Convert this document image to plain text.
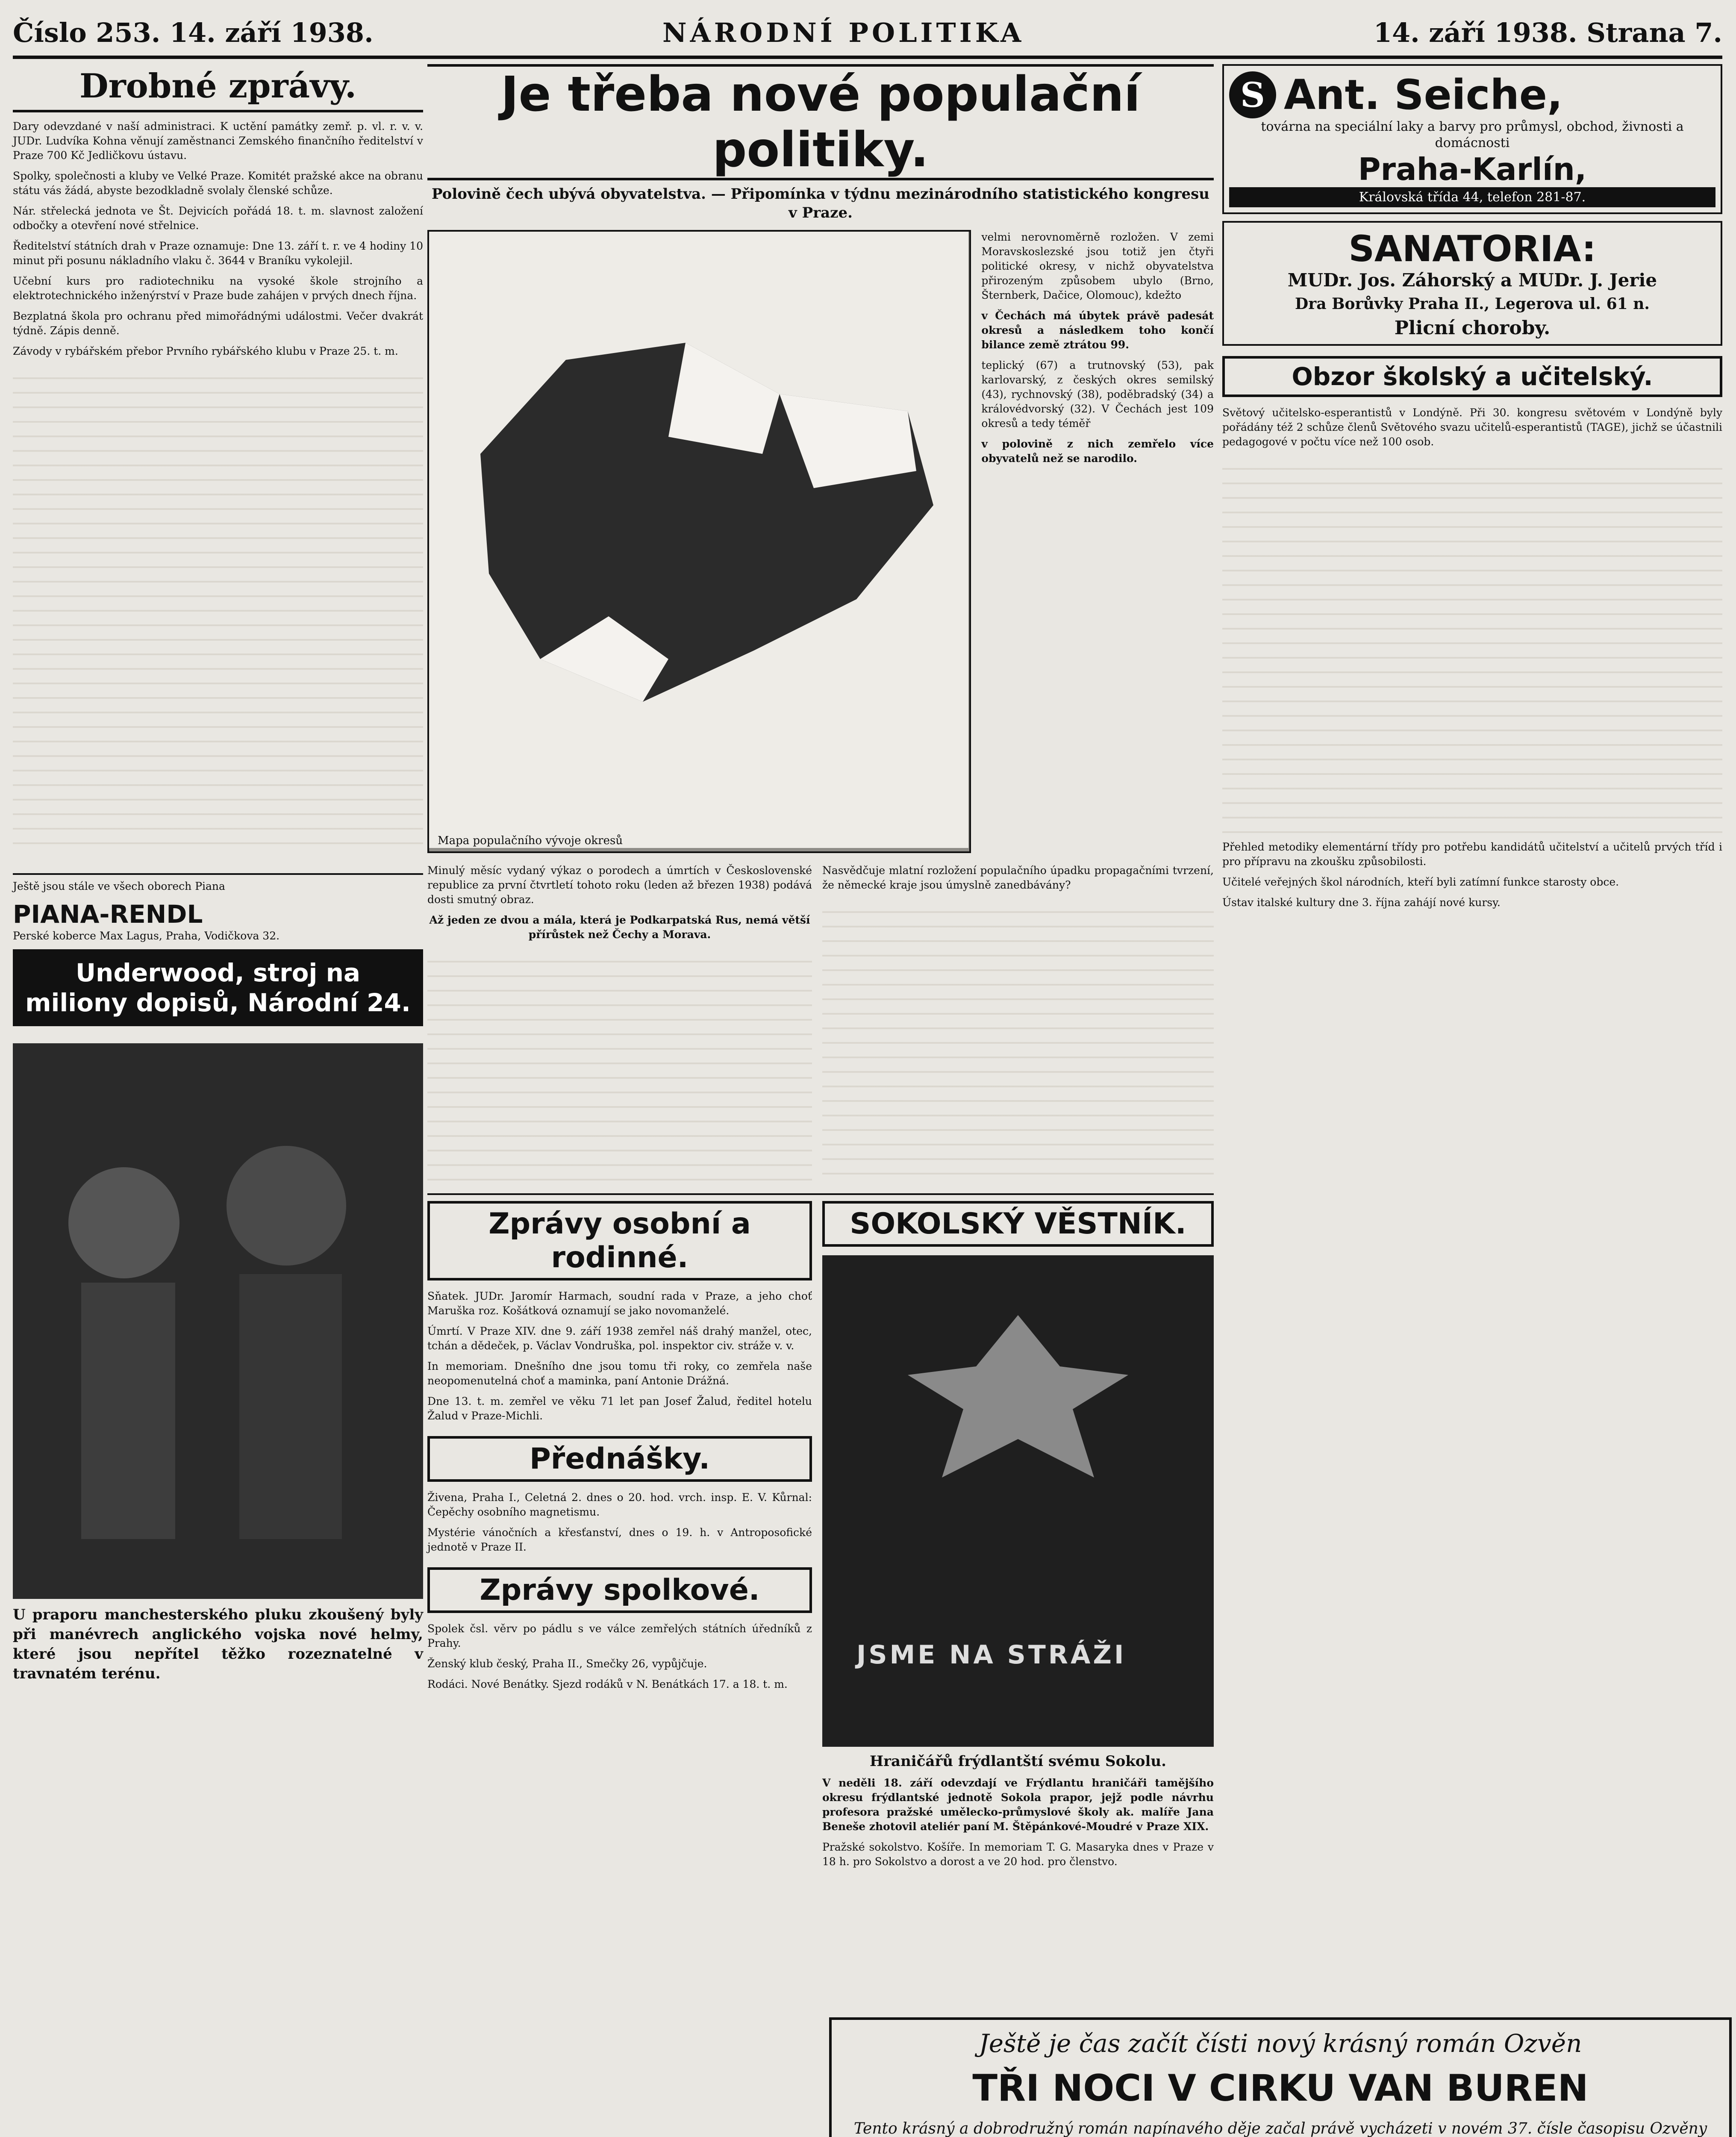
Číslo 253. 14. září 1938.	NÁRODNÍ POLITIKA	14. září 1938. Strana 7.
Drobné zprávy.

Dary odevzdané v naší administraci. K uctění památky zemř. p. vl. r. v. v. JUDr. Ludvíka Kohna věnují zaměstnanci Zemského finančního ředitelství v Praze 700 Kč Jedličkovu ústavu.

Spolky, společnosti a kluby ve Velké Praze. Komitét pražské akce na obranu státu vás žádá, abyste bezodkladně svolaly členské schůze.

Nár. střelecká jednota ve Št. Dejvicích pořádá 18. t. m. slavnost založení odbočky a otevření nové střelnice.

Ředitelství státních drah v Praze oznamuje: Dne 13. září t. r. ve 4 hodiny 10 minut při posunu nákladního vlaku č. 3644 v Braníku vykolejil.

Učební kurs pro radiotechniku na vysoké škole strojního a elektrotechnického inženýrství v Praze bude zahájen v prvých dnech října.

Bezplatná škola pro ochranu před mimořádnými událostmi. Večer dvakrát týdně. Zápis denně.

Závody v rybářském přebor Prvního rybářského klubu v Praze 25. t. m.

Ještě jsou stále ve všech oborech Piana
PIANA-RENDL
Perské koberce Max Lagus, Praha, Vodičkova 32.
Underwood, stroj na miliony dopisů, Národní 24.
U praporu manchesterského pluku zkoušený byly při manévrech anglického vojska nové helmy, které jsou nepřítel těžko rozeznatelné v travnatém terénu.
Je třeba nové populační politiky.
Polovině čech ubývá obyvatelstva. — Připomínka v týdnu mezinárodního statistického kongresu v Praze.
Mapa populačního vývoje okresů

velmi nerovnoměrně rozložen. V zemi Moravskoslezské jsou totiž jen čtyři politické okresy, v nichž obyvatelstva přirozeným způsobem ubylo (Brno, Šternberk, Dačice, Olomouc), kdežto

v Čechách má úbytek právě padesát okresů a následkem toho končí bilance země ztrátou 99.

teplický (67) a trutnovský (53), pak karlovarský, z českých okres semilský (43), rychnovský (38), poděbradský (34) a královédvorský (32). V Čechách jest 109 okresů a tedy téměř

v polovině z nich zemřelo více obyvatelů než se narodilo.

Minulý měsíc vydaný výkaz o porodech a úmrtích v Československé republice za první čtvrtletí tohoto roku (leden až březen 1938) podává dosti smutný obraz.

Až jeden ze dvou a mála, která je Podkarpatská Rus, nemá větší přírůstek než Čechy a Morava.

Nasvědčuje mlatní rozložení populačního úpadku propagačními tvrzení, že německé kraje jsou úmyslně zanedbávány?

Zprávy osobní a rodinné.

Sňatek. JUDr. Jaromír Harmach, soudní rada v Praze, a jeho choť Maruška roz. Košátková oznamují se jako novomanželé.

Úmrtí. V Praze XIV. dne 9. září 1938 zemřel náš drahý manžel, otec, tchán a dědeček, p. Václav Vondruška, pol. inspektor civ. stráže v. v.

In memoriam. Dnešního dne jsou tomu tři roky, co zemřela naše neopomenutelná choť a maminka, paní Antonie Drážná.

Dne 13. t. m. zemřel ve věku 71 let pan Josef Žalud, ředitel hotelu Žalud v Praze-Michli.

Přednášky.

Živena, Praha I., Celetná 2. dnes o 20. hod. vrch. insp. E. V. Kůrnal: Čepěchy osobního magnetismu.

Mystérie vánočních a křesťanství, dnes o 19. h. v Antroposofické jednotě v Praze II.

Zprávy spolkové.

Spolek čsl. věrv po pádlu s ve válce zemřelých státních úředníků z Prahy.

Ženský klub český, Praha II., Smečky 26, vypůjčuje.

Rodáci. Nové Benátky. Sjezd rodáků v N. Benátkách 17. a 18. t. m.

SOKOLSKÝ VĚSTNÍK.
JSME NA STRÁŽI
Hraničářů frýdlantští svému Sokolu.

V neděli 18. září odevzdají ve Frýdlantu hraničáři tamějšího okresu frýdlantské jednotě Sokola prapor, jejž podle návrhu profesora pražské umělecko-průmyslové školy ak. malíře Jana Beneše zhotovil ateliér paní M. Štěpánkové-Moudré v Praze XIX.

Pražské sokolstvo. Košíře. In memoriam T. G. Masaryka dnes v Praze v 18 h. pro Sokolstvo a dorost a ve 20 hod. pro členstvo.

S Ant. Seiche,
továrna na speciální laky a barvy pro průmysl, obchod, živnosti a domácnosti
Praha-Karlín,
Královská třída 44, telefon 281-87.
SANATORIA:
MUDr. Jos. Záhorský a MUDr. J. Jerie
Dra Borůvky Praha II., Legerova ul. 61 n.
Plicní choroby.
Obzor školský a učitelský.

Světový učitelsko-esperantistů v Londýně. Při 30. kongresu světovém v Londýně byly pořádány též 2 schůze členů Světového svazu učitelů-esperantistů (TAGE), jichž se účastnili pedagogové v počtu více než 100 osob.

Přehled metodiky elementární třídy pro potřebu kandidátů učitelství a učitelů prvých tříd i pro přípravu na zkoušku způsobilosti.

Učitelé veřejných škol národních, kteří byli zatímní funkce starosty obce.

Ústav italské kultury dne 3. října zahájí nové kursy.

Ještě je čas začít čísti nový krásný román Ozvěn
TŘI NOCI V CIRKU VAN BUREN
Tento krásný a dobrodružný román napínavého děje začal právě vycházeti v novém 37. čísle časopisu Ozvěny
